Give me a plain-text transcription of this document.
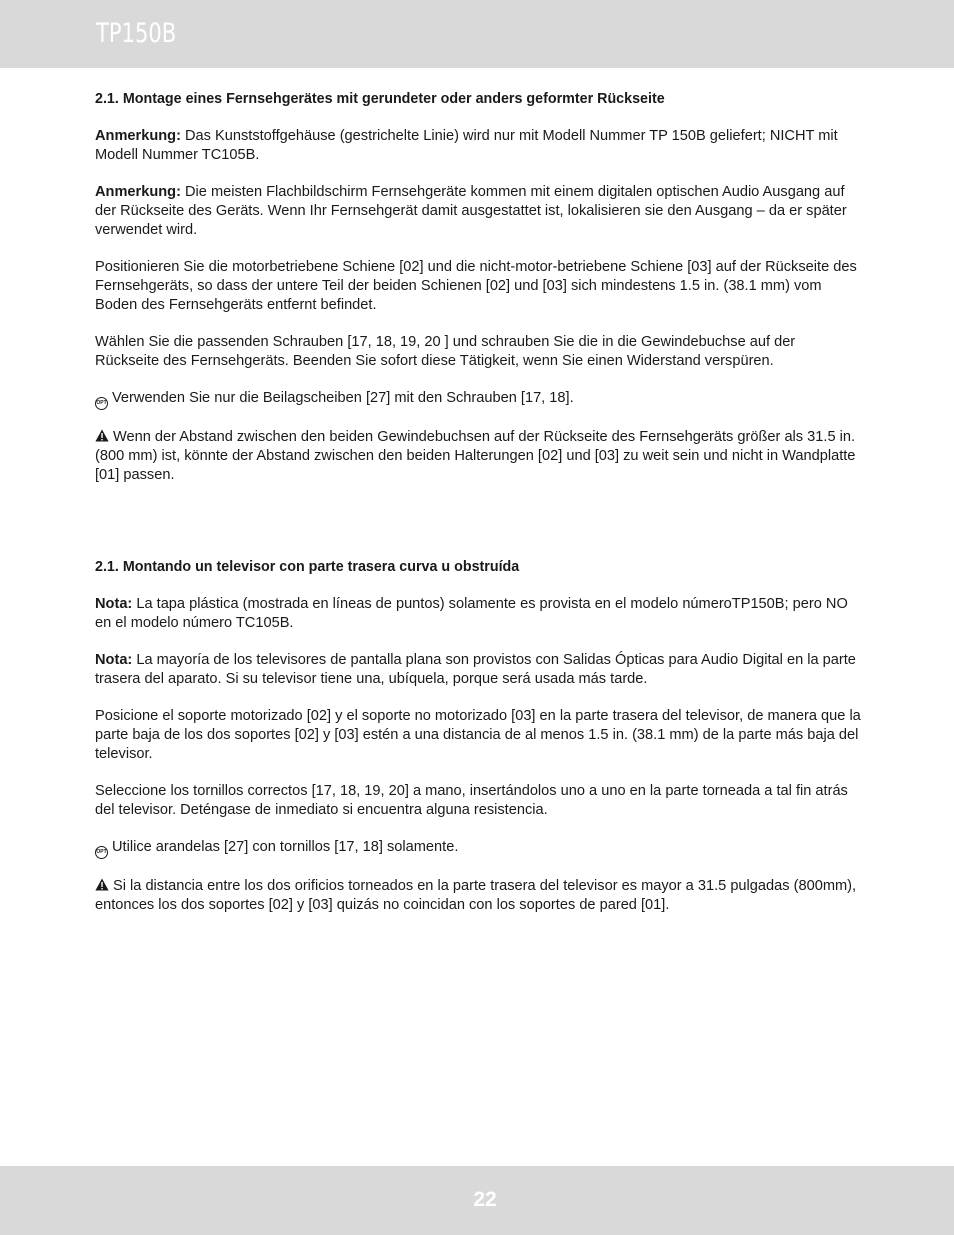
TP150B
2.1. Montage eines Fernsehgerätes mit gerundeter oder anders geformter Rückseite

Anmerkung: Das Kunststoffgehäuse (gestrichelte Linie) wird nur mit Modell Nummer TP 150B geliefert; NICHT mit Modell Nummer TC105B.

Anmerkung: Die meisten Flachbildschirm Fernsehgeräte kommen mit einem digitalen optischen Audio Ausgang auf der Rückseite des Geräts. Wenn Ihr Fernsehgerät damit ausgestattet ist, lokalisieren sie den Ausgang – da er später verwendet wird.

Positionieren Sie die motorbetriebene Schiene [02] und die nicht-motor-betriebene Schiene [03] auf der Rückseite des Fernsehgeräts, so dass der untere Teil der beiden Schienen [02] und [03] sich mindestens 1.5 in. (38.1 mm) vom Boden des Fernsehgeräts entfernt befindet.

Wählen Sie die passenden Schrauben [17, 18, 19, 20 ] und schrauben Sie die in die Gewindebuchse auf der Rückseite des Fernsehgeräts. Beenden Sie sofort diese Tätigkeit, wenn Sie einen Widerstand verspüren.

OPT Verwenden Sie nur die Beilagscheiben [27] mit den Schrauben [17, 18].

Wenn der Abstand zwischen den beiden Gewindebuchsen auf der Rückseite des Fernsehgeräts größer als 31.5 in. (800 mm) ist, könnte der Abstand zwischen den beiden Halterungen [02] und [03] zu weit sein und nicht in Wandplatte [01] passen.

2.1. Montando un televisor con parte trasera curva u obstruída

Nota: La tapa plástica (mostrada en líneas de puntos) solamente es provista en el modelo númeroTP150B; pero NO en el modelo número TC105B.

Nota: La mayoría de los televisores de pantalla plana son provistos con Salidas Ópticas para Audio Digital en la parte trasera del aparato. Si su televisor tiene una, ubíquela, porque será usada más tarde.

Posicione el soporte motorizado [02] y el soporte no motorizado [03] en la parte trasera del televisor, de manera que la parte baja de los dos soportes [02] y [03] estén a una distancia de al menos 1.5 in. (38.1 mm) de la parte más baja del televisor.

Seleccione los tornillos correctos [17, 18, 19, 20] a mano, insertándolos uno a uno en la parte torneada a tal fin atrás del televisor. Deténgase de inmediato si encuentra alguna resistencia.

OPT Utilice arandelas [27] con tornillos [17, 18] solamente.

Si la distancia entre los dos orificios torneados en la parte trasera del televisor es mayor a 31.5 pulgadas (800mm), entonces los dos soportes [02] y [03] quizás no coincidan con los soportes de pared [01].

22
